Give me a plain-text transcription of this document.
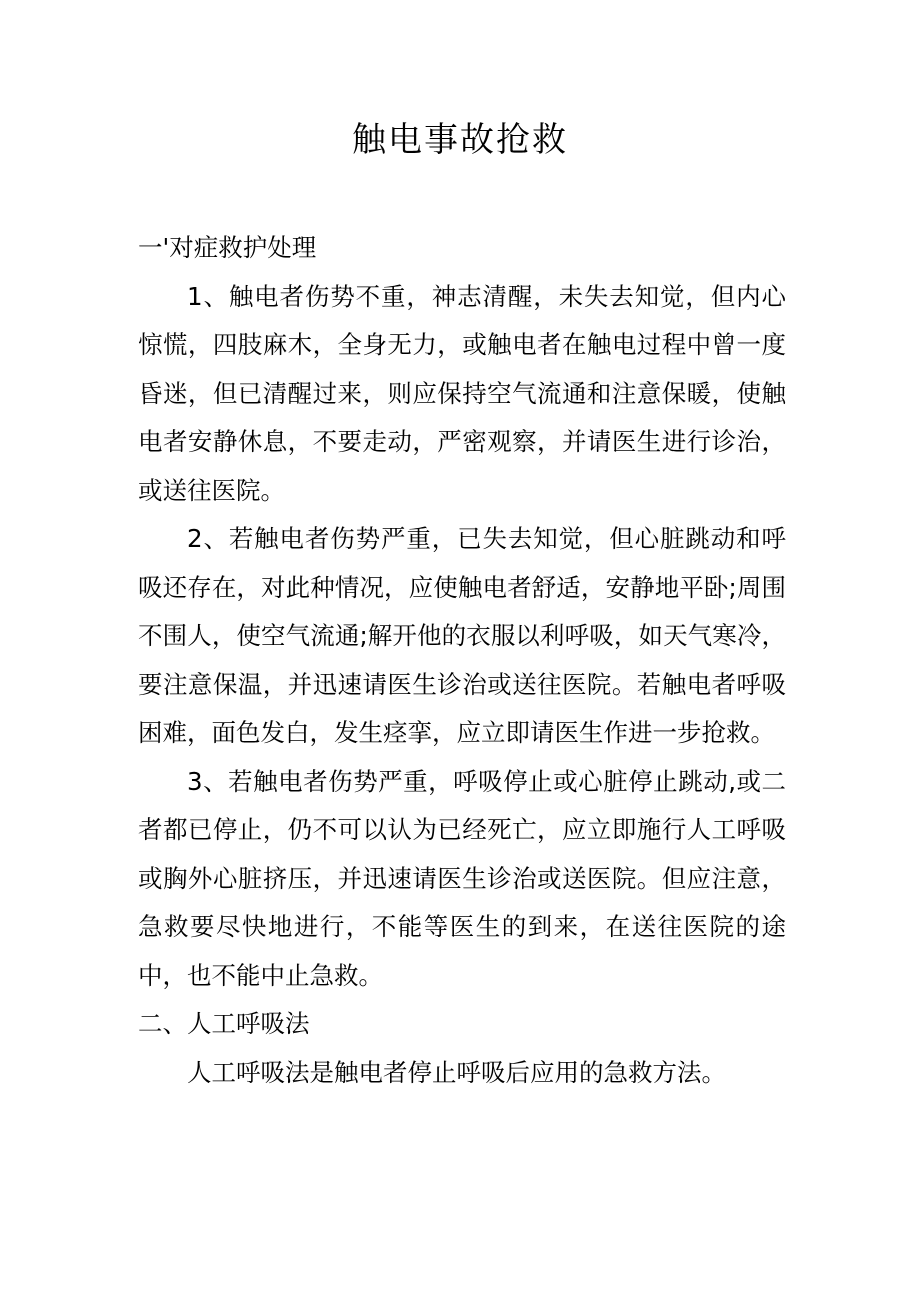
触电事故抢救

一'对症救护处理

1、触电者伤势不重，神志清醒，未失去知觉，但内心惊慌，四肢麻木，全身无力，或触电者在触电过程中曾一度昏迷，但已清醒过来，则应保持空气流通和注意保暖，使触电者安静休息，不要走动，严密观察，并请医生进行诊治，或送往医院。

2、若触电者伤势严重，已失去知觉，但心脏跳动和呼吸还存在，对此种情况，应使触电者舒适，安静地平卧;周围不围人，使空气流通;解开他的衣服以利呼吸，如天气寒冷，要注意保温，并迅速请医生诊治或送往医院。若触电者呼吸困难，面色发白，发生痉挛，应立即请医生作进一步抢救。

3、若触电者伤势严重，呼吸停止或心脏停止跳动,或二者都已停止，仍不可以认为已经死亡，应立即施行人工呼吸或胸外心脏挤压，并迅速请医生诊治或送医院。但应注意，急救要尽快地进行，不能等医生的到来，在送往医院的途中，也不能中止急救。

二、人工呼吸法

人工呼吸法是触电者停止呼吸后应用的急救方法。
